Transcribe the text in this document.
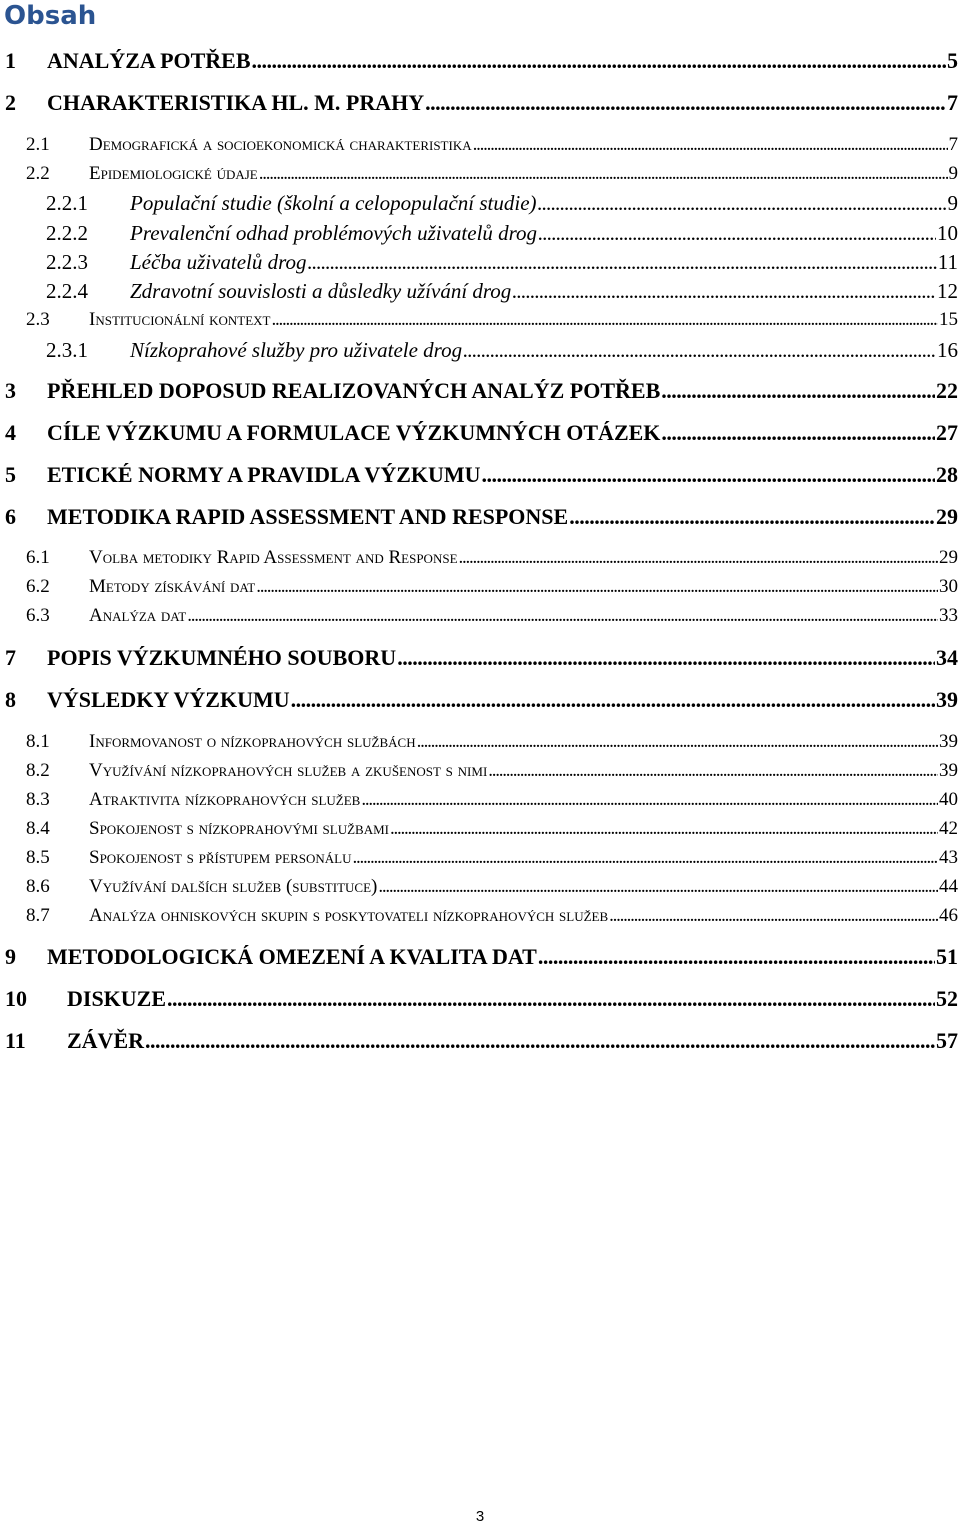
Obsah
1	ANALÝZA POTŘEB . . .	5
2	CHARAKTERISTIKA HL. M. PRAHY . . .	7
2.1	Demografická a socioekonomická charakteristika . . .	7
2.2	Epidemiologické údaje . . .	9
2.2.1	Populační studie (školní a celopopulační studie) . . .	9
2.2.2	Prevalenční odhad problémových uživatelů drog . . .	10
2.2.3	Léčba uživatelů drog . . .	11
2.2.4	Zdravotní souvislosti a důsledky užívání drog . . .	12
2.3	Institucionální kontext . . .	15
2.3.1	Nízkoprahové služby pro uživatele drog . . .	16
3	PŘEHLED DOPOSUD REALIZOVANÝCH ANALÝZ POTŘEB . . .	22
4	CÍLE VÝZKUMU A FORMULACE VÝZKUMNÝCH OTÁZEK . . .	27
5	ETICKÉ NORMY A PRAVIDLA VÝZKUMU . . .	28
6	METODIKA RAPID ASSESSMENT AND RESPONSE . . .	29
6.1	Volba metodiky Rapid Assessment and Response . . .	29
6.2	Metody získávání dat . . .	30
6.3	Analýza dat . . .	33
7	POPIS VÝZKUMNÉHO SOUBORU . . .	34
8	VÝSLEDKY VÝZKUMU . . .	39
8.1	Informovanost o nízkoprahových službách . . .	39
8.2	Využívání nízkoprahových služeb a zkušenost s nimi . . .	39
8.3	Atraktivita nízkoprahových služeb . . .	40
8.4	Spokojenost s nízkoprahovými službami . . .	42
8.5	Spokojenost s přístupem personálu . . .	43
8.6	Využívání dalších služeb (substituce) . . .	44
8.7	Analýza ohniskových skupin s poskytovateli nízkoprahových služeb . . .	46
9	METODOLOGICKÁ OMEZENÍ A KVALITA DAT . . .	51
10	DISKUZE . . .	52
11	ZÁVĚR . . .	57
3
